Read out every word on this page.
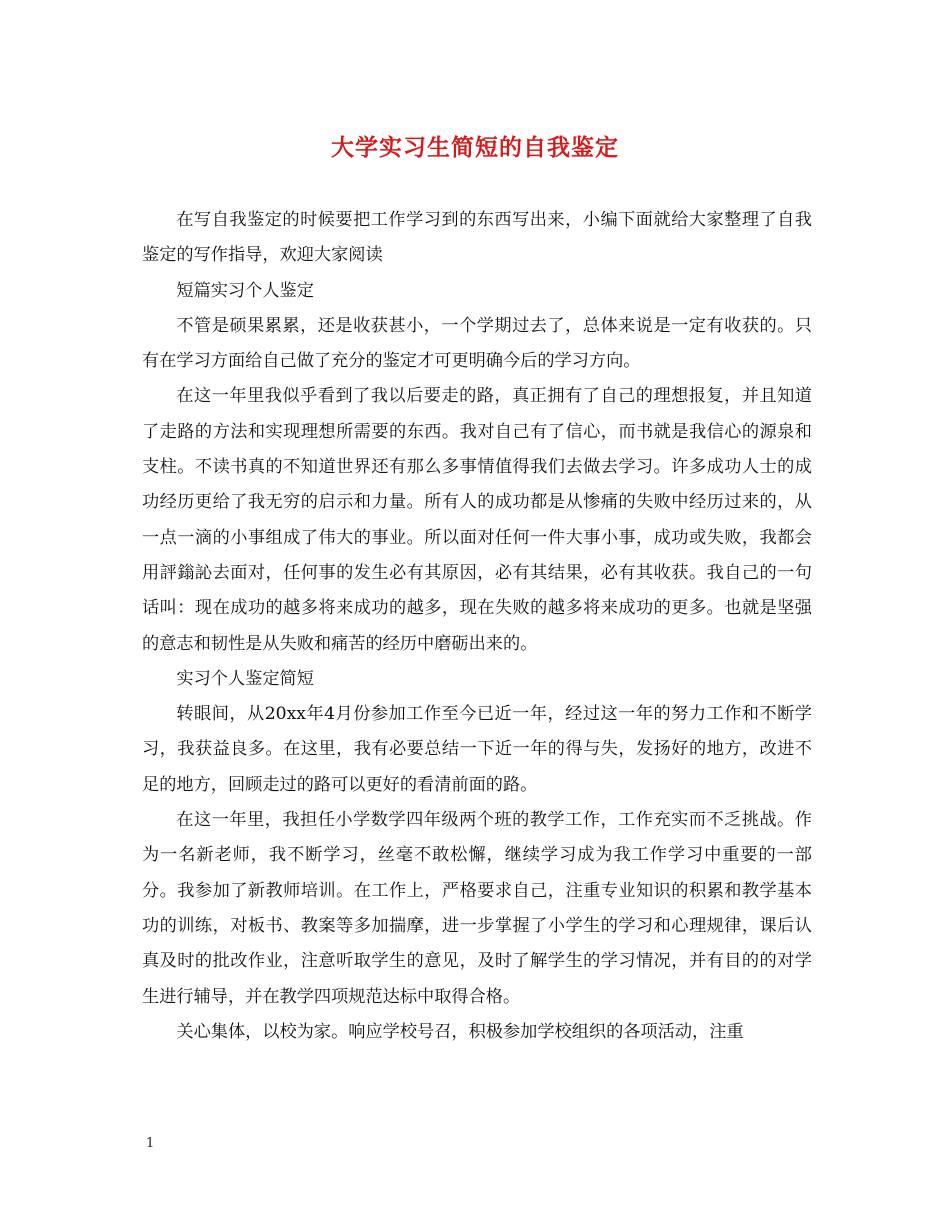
大学实习生简短的自我鉴定

在写自我鉴定的时候要把工作学习到的东西写出来，小编下面就给大家整理了自我鉴定的写作指导，欢迎大家阅读

短篇实习个人鉴定

不管是硕果累累，还是收获甚小，一个学期过去了，总体来说是一定有收获的。只有在学习方面给自己做了充分的鉴定才可更明确今后的学习方向。

在这一年里我似乎看到了我以后要走的路，真正拥有了自己的理想报复，并且知道了走路的方法和实现理想所需要的东西。我对自己有了信心，而书就是我信心的源泉和支柱。不读书真的不知道世界还有那么多事情值得我们去做去学习。许多成功人士的成功经历更给了我无穷的启示和力量。所有人的成功都是从惨痛的失败中经历过来的，从一点一滴的小事组成了伟大的事业。所以面对任何一件大事小事，成功或失败，我都会用評鎓訫去面对，任何事的发生必有其原因，必有其结果，必有其收获。我自己的一句话叫：现在成功的越多将来成功的越多，现在失败的越多将来成功的更多。也就是坚强的意志和韧性是从失败和痛苦的经历中磨砺出来的。

实习个人鉴定简短

转眼间，从20xx年4月份参加工作至今已近一年，经过这一年的努力工作和不断学习，我获益良多。在这里，我有必要总结一下近一年的得与失，发扬好的地方，改进不足的地方，回顾走过的路可以更好的看清前面的路。

在这一年里，我担任小学数学四年级两个班的教学工作，工作充实而不乏挑战。作为一名新老师，我不断学习，丝毫不敢松懈，继续学习成为我工作学习中重要的一部分。我参加了新教师培训。在工作上，严格要求自己，注重专业知识的积累和教学基本功的训练，对板书、教案等多加揣摩，进一步掌握了小学生的学习和心理规律，课后认真及时的批改作业，注意听取学生的意见，及时了解学生的学习情况，并有目的的对学生进行辅导，并在教学四项规范达标中取得合格。

关心集体，以校为家。响应学校号召，积极参加学校组织的各项活动，注重

1
